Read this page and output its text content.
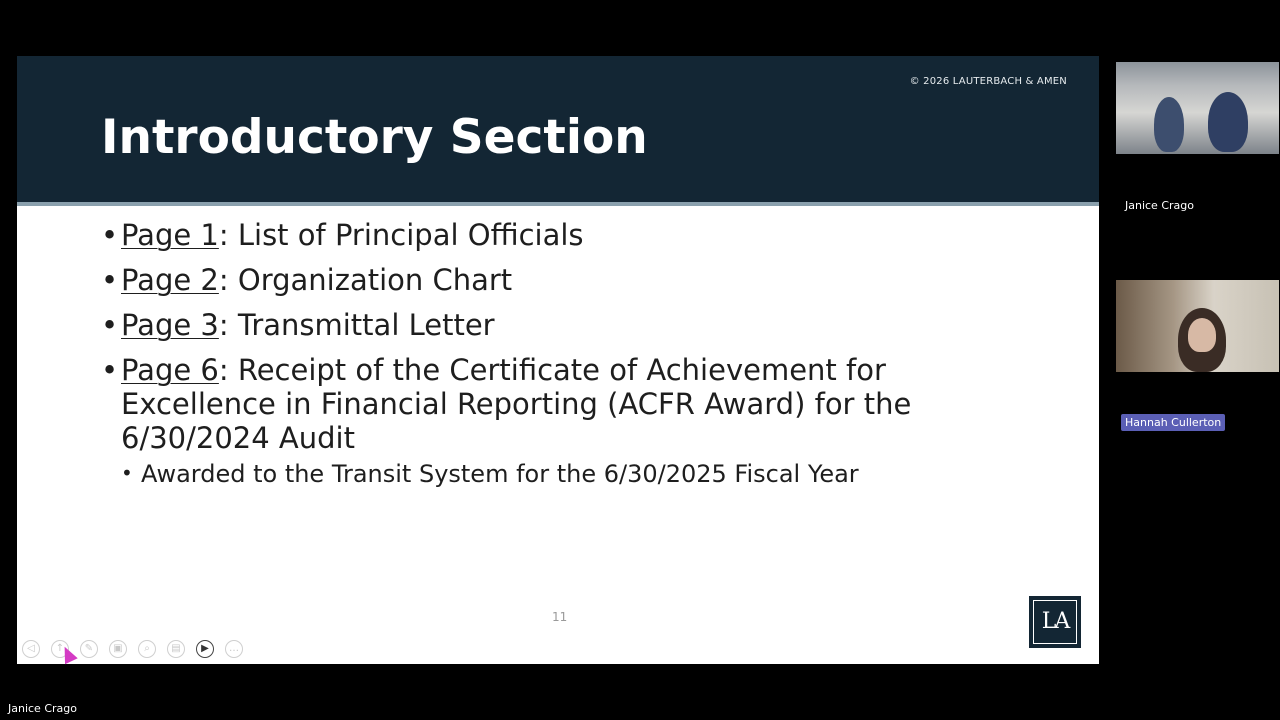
© 2026 LAUTERBACH & AMEN
Introductory Section
• Page 1: List of Principal Officials
• Page 2: Organization Chart
• Page 3: Transmittal Letter
• Page 6: Receipt of the Certificate of Achievement for Excellence in Financial Reporting (ACFR Award) for the 6/30/2024 Audit
• Awarded to the Transit System for the 6/30/2025 Fiscal Year
11	LA
◁	↑	✎	▣	⌕	▤	▶	…
Janice Crago
Hannah Cullerton
Janice Crago
